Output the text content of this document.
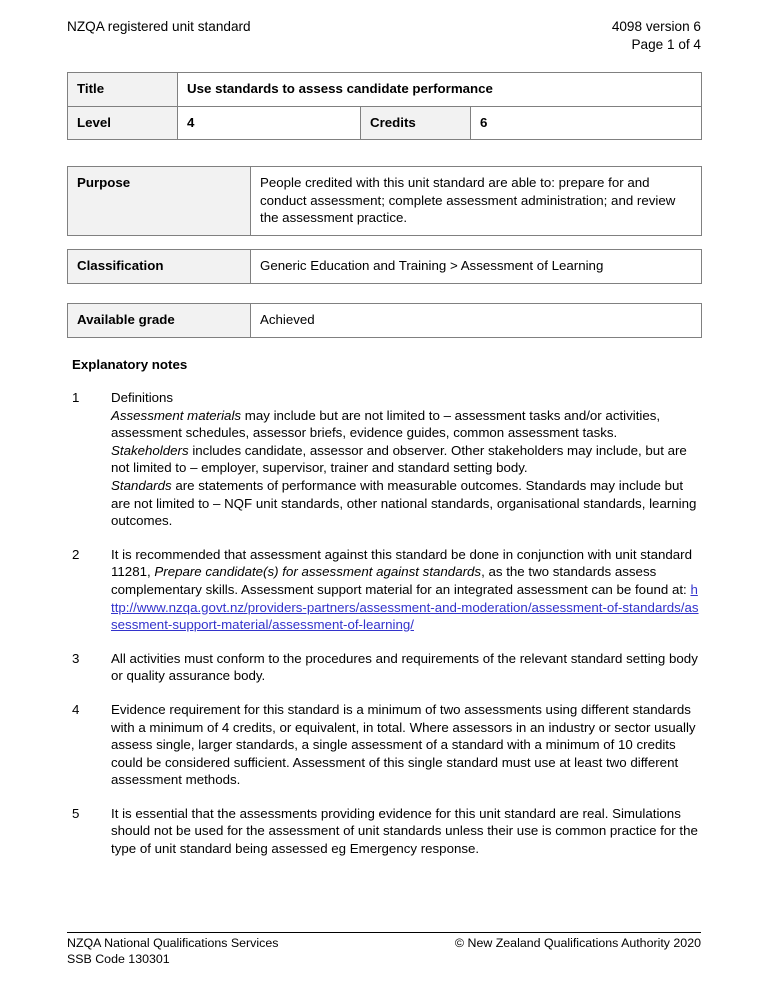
NZQA registered unit standard	4098 version 6
Page 1 of 4
Title	Use standards to assess candidate performance		
Level	4	Credits	6
Purpose	People credited with this unit standard are able to: prepare for and conduct assessment; complete assessment administration; and review the assessment practice.
Classification	Generic Education and Training > Assessment of Learning
Available grade	Achieved
Explanatory notes
1	Definitions

Assessment materials may include but are not limited to – assessment tasks and/or activities, assessment schedules, assessor briefs, evidence guides, common assessment tasks.

Stakeholders includes candidate, assessor and observer. Other stakeholders may include, but are not limited to – employer, supervisor, trainer and standard setting body.

Standards are statements of performance with measurable outcomes. Standards may include but are not limited to – NQF unit standards, other national standards, organisational standards, learning outcomes.

2	It is recommended that assessment against this standard be done in conjunction with unit standard 11281, Prepare candidate(s) for assessment against standards, as the two standards assess complementary skills. Assessment support material for an integrated assessment can be found at: http://www.nzqa.govt.nz/providers-partners/assessment-and-moderation/assessment-of-standards/assessment-support-material/assessment-of-learning/

3	All activities must conform to the procedures and requirements of the relevant standard setting body or quality assurance body.

4	Evidence requirement for this standard is a minimum of two assessments using different standards with a minimum of 4 credits, or equivalent, in total. Where assessors in an industry or sector usually assess single, larger standards, a single assessment of a standard with a minimum of 10 credits could be considered sufficient. Assessment of this single standard must use at least two different assessment methods.

5	It is essential that the assessments providing evidence for this unit standard are real. Simulations should not be used for the assessment of unit standards unless their use is common practice for the type of unit standard being assessed eg Emergency response.

NZQA National Qualifications Services
SSB Code 130301
© New Zealand Qualifications Authority 2020
